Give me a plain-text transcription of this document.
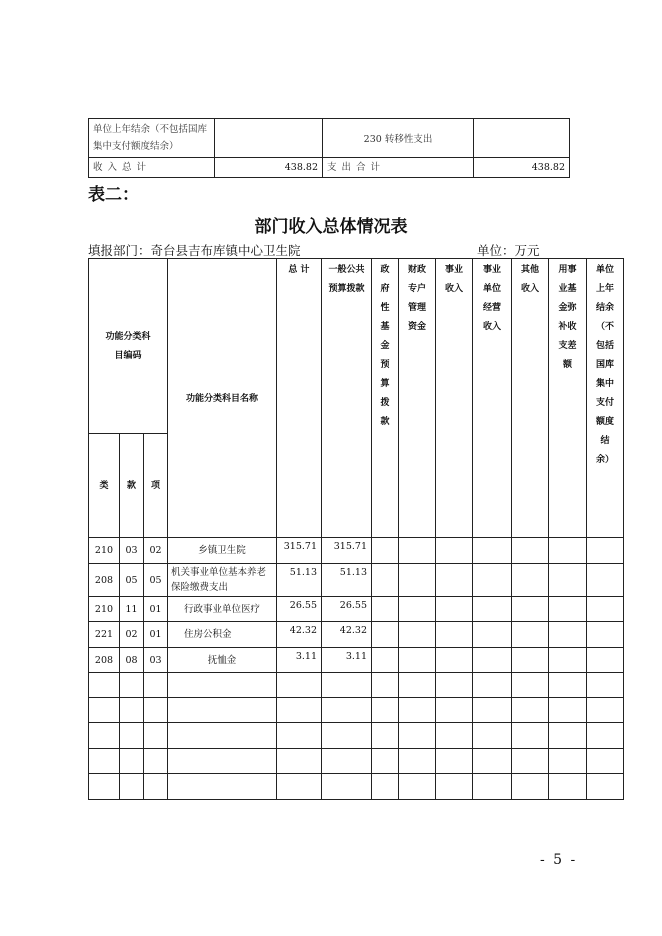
单位上年结余（不包括国库集中支付额度结余）		230 转移性支出	
收 入 总 计	438.82	支 出 合 计	438.82
表二：
部门收入总体情况表
填报部门：奇台县吉布库镇中心卫生院	单位：万元
功能分类科目编码			功能分类科目名称	总 计	一般公共预算拨款	政府性基金预算拨款	财政专户管理资金	事业收入	事业单位经营收入	其他收入	用事业基金弥补收支差额	单位上年结余（不包括国库集中支付额度结余）

类	款	项										
210	03	02	乡镇卫生院	315.71	315.71							
208	05	05	机关事业单位基本养老保险缴费支出	51.13	51.13							
210	11	01	行政事业单位医疗	26.55	26.55							
221	02	01	住房公积金	42.32	42.32							
208	08	03	抚恤金	3.11	3.11							

- 5 -
